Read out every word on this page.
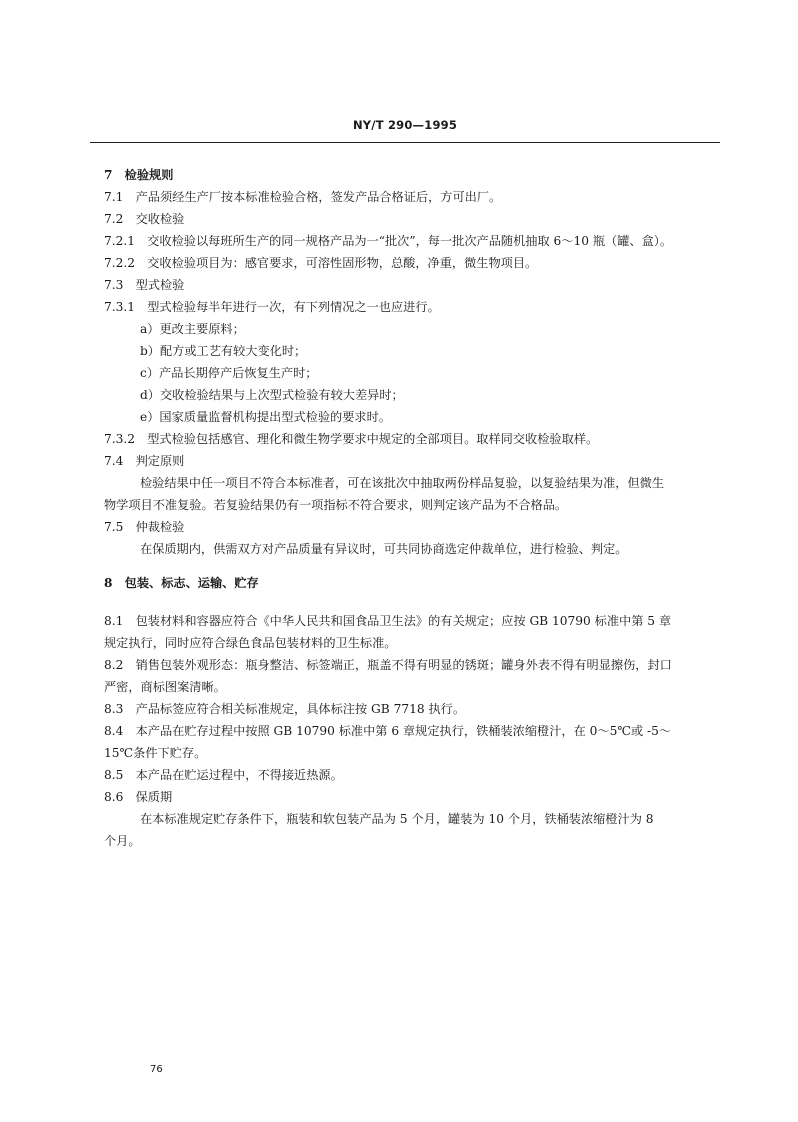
NY/T 290—1995
7　检验规则
7.1　产品须经生产厂按本标准检验合格，签发产品合格证后，方可出厂。
7.2　交收检验
7.2.1　交收检验以每班所生产的同一规格产品为一“批次”，每一批次产品随机抽取 6～10 瓶（罐、盒）。
7.2.2　交收检验项目为：感官要求，可溶性固形物，总酸，净重，微生物项目。
7.3　型式检验
7.3.1　型式检验每半年进行一次，有下列情况之一也应进行。
a）更改主要原料；
b）配方或工艺有较大变化时；
c）产品长期停产后恢复生产时；
d）交收检验结果与上次型式检验有较大差异时；
e）国家质量监督机构提出型式检验的要求时。
7.3.2　型式检验包括感官、理化和微生物学要求中规定的全部项目。取样同交收检验取样。
7.4　判定原则
检验结果中任一项目不符合本标准者，可在该批次中抽取两份样品复验，以复验结果为准，但微生
物学项目不准复验。若复验结果仍有一项指标不符合要求，则判定该产品为不合格品。
7.5　仲裁检验
在保质期内，供需双方对产品质量有异议时，可共同协商选定仲裁单位，进行检验、判定。
8　包装、标志、运输、贮存
8.1　包装材料和容器应符合《中华人民共和国食品卫生法》的有关规定；应按 GB 10790 标准中第 5 章
规定执行，同时应符合绿色食品包装材料的卫生标准。
8.2　销售包装外观形态：瓶身整洁、标签端正，瓶盖不得有明显的锈斑；罐身外表不得有明显擦伤，封口
严密，商标图案清晰。
8.3　产品标签应符合相关标准规定，具体标注按 GB 7718 执行。
8.4　本产品在贮存过程中按照 GB 10790 标准中第 6 章规定执行，铁桶装浓缩橙汁，在 0～5℃或 -5～
15℃条件下贮存。
8.5　本产品在贮运过程中，不得接近热源。
8.6　保质期
在本标准规定贮存条件下，瓶装和软包装产品为 5 个月，罐装为 10 个月，铁桶装浓缩橙汁为 8
个月。
76
